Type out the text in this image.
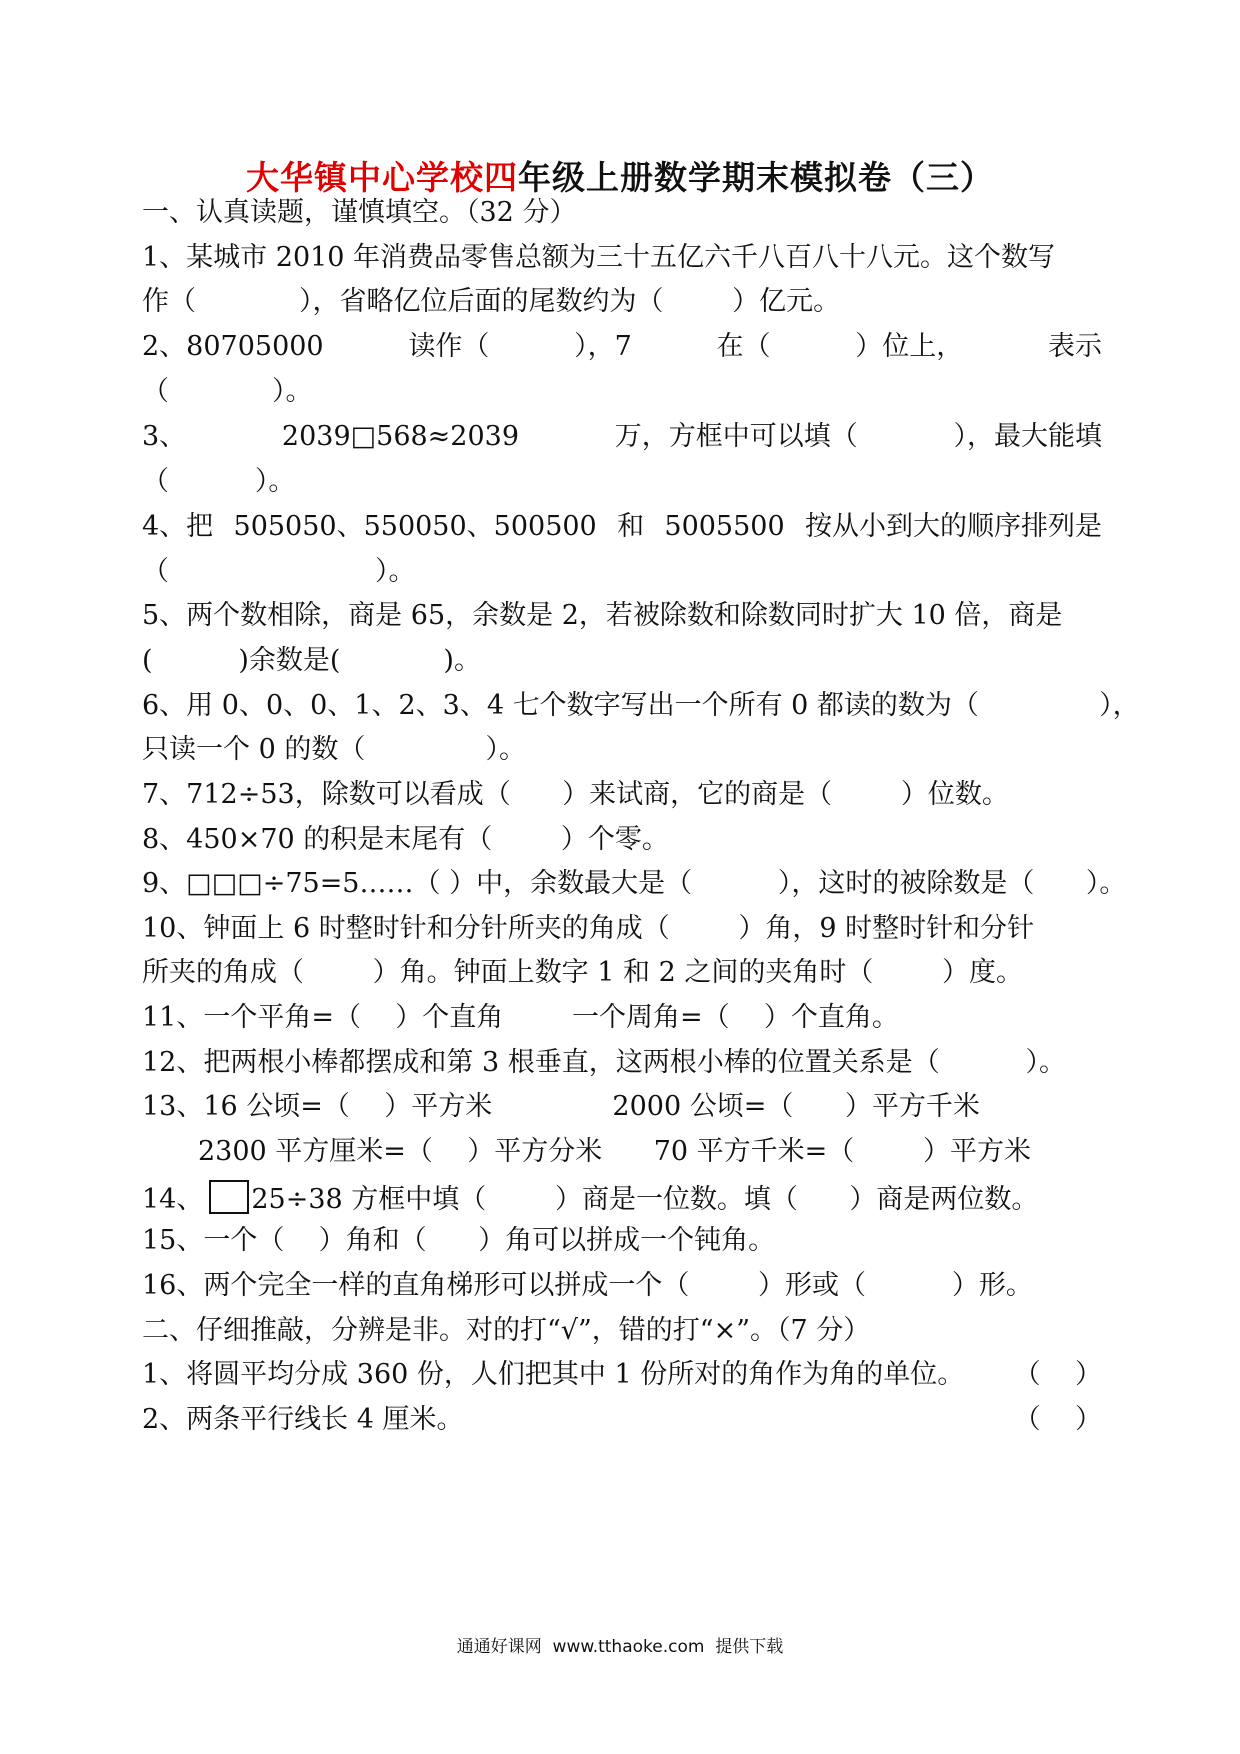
大华镇中心学校四年级上册数学期末模拟卷（三）
一、认真读题，谨慎填空。（32 分）
1、某城市 2010 年消费品零售总额为三十五亿六千八百八十八元。这个数写
作（            ），省略亿位后面的尾数约为（        ）亿元。
2、80705000	读作（	），7	在（	）位上，	表示
（            ）。
3、	2039□568≈2039	万，方框中可以填（	），最大能填
（          ）。
4、把 505050、550050、500500 和 5005500 按从小到大的顺序排列是
（                        ）。
5、两个数相除，商是 65，余数是 2，若被除数和除数同时扩大 10 倍，商是
(          )余数是(            )。
6、用 0、0、0、1、2、3、4 七个数字写出一个所有 0 都读的数为（              ），
只读一个 0 的数（              ）。
7、712÷53，除数可以看成（      ）来试商，它的商是（        ）位数。
8、450×70 的积是末尾有（        ）个零。
9、□□□÷75=5……（ ）中，余数最大是（          ），这时的被除数是（      ）。
10、钟面上 6 时整时针和分针所夹的角成（        ）角，9 时整时针和分针
所夹的角成（        ）角。钟面上数字 1 和 2 之间的夹角时（        ）度。
11、一个平角=（    ）个直角        一个周角=（    ）个直角。
12、把两根小棒都摆成和第 3 根垂直，这两根小棒的位置关系是（          ）。
13、16 公顷=（    ）平方米              2000 公顷=（      ）平方千米
2300 平方厘米=（    ）平方分米      70 平方千米=（        ）平方米
14、 25÷38 方框中填（        ）商是一位数。填（      ）商是两位数。
15、一个（    ）角和（      ）角可以拼成一个钝角。
16、两个完全一样的直角梯形可以拼成一个（        ）形或（          ）形。
二、仔细推敲，分辨是非。对的打“√”，错的打“×”。（7 分）
1、将圆平均分成 360 份，人们把其中 1 份所对的角作为角的单位。 （    ）
2、两条平行线长 4 厘米。	（    ）
通通好课网  www.tthaoke.com  提供下载
